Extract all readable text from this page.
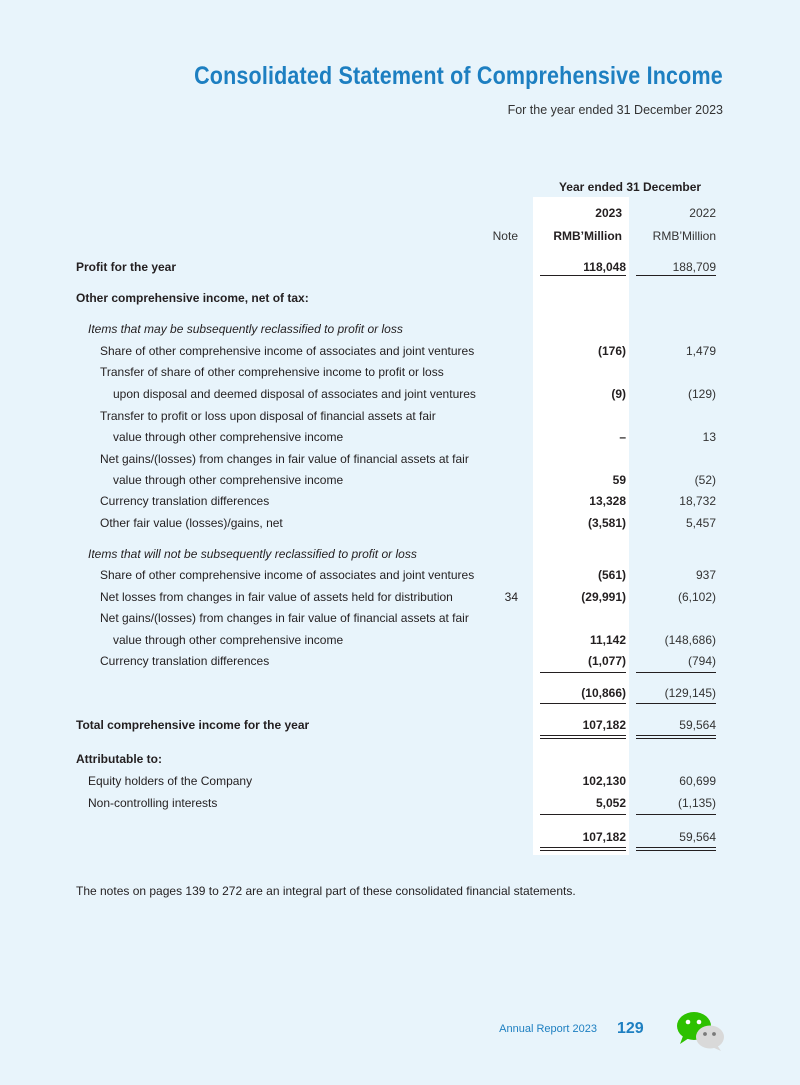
Consolidated Statement of Comprehensive Income
For the year ended 31 December 2023
Year ended 31 December
2023	2022
Note	RMB’Million	RMB’Million
Profit for the year	118,048	188,709
Other comprehensive income, net of tax:
Items that may be subsequently reclassified to profit or loss
Share of other comprehensive income of associates and joint ventures	(176)	1,479
Transfer of share of other comprehensive income to profit or loss
upon disposal and deemed disposal of associates and joint ventures	(9)	(129)
Transfer to profit or loss upon disposal of financial assets at fair
value through other comprehensive income	–	13
Net gains/(losses) from changes in fair value of financial assets at fair
value through other comprehensive income	59	(52)
Currency translation differences	13,328	18,732
Other fair value (losses)/gains, net	(3,581)	5,457
Items that will not be subsequently reclassified to profit or loss
Share of other comprehensive income of associates and joint ventures	(561)	937
Net losses from changes in fair value of assets held for distribution	34	(29,991)	(6,102)
Net gains/(losses) from changes in fair value of financial assets at fair
value through other comprehensive income	11,142	(148,686)
Currency translation differences	(1,077)	(794)
(10,866)	(129,145)
Total comprehensive income for the year	107,182	59,564
Attributable to:
Equity holders of the Company	102,130	60,699
Non-controlling interests	5,052	(1,135)
107,182	59,564
The notes on pages 139 to 272 are an integral part of these consolidated financial statements.
Annual Report 2023 129
